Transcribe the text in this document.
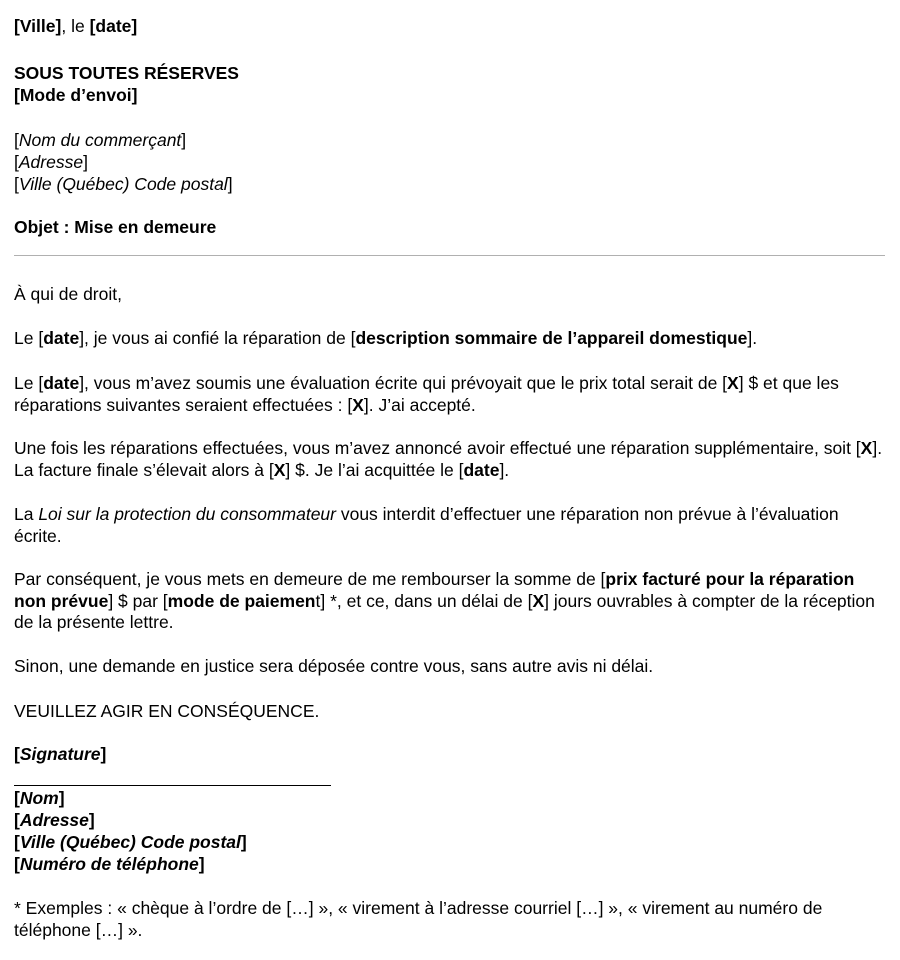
[Ville], le [date]

SOUS TOUTES RÉSERVES

[Mode d’envoi]

[Nom du commerçant]

[Adresse]

[Ville (Québec) Code postal]

Objet : Mise en demeure

À qui de droit,

Le [date], je vous ai confié la réparation de [description sommaire de l’appareil domestique].

Le [date], vous m’avez soumis une évaluation écrite qui prévoyait que le prix total serait de [X] $ et que les réparations suivantes seraient effectuées : [X]. J’ai accepté.

Une fois les réparations effectuées, vous m’avez annoncé avoir effectué une réparation supplémentaire, soit [X]. La facture finale s’élevait alors à [X] $. Je l’ai acquittée le [date].

La Loi sur la protection du consommateur vous interdit d’effectuer une réparation non prévue à l’évaluation écrite.

Par conséquent, je vous mets en demeure de me rembourser la somme de [prix facturé pour la réparation non prévue] $ par [mode de paiement] *, et ce, dans un délai de [X] jours ouvrables à compter de la réception de la présente lettre.

Sinon, une demande en justice sera déposée contre vous, sans autre avis ni délai.

VEUILLEZ AGIR EN CONSÉQUENCE.

[Signature]

[Nom]

[Adresse]

[Ville (Québec) Code postal]

[Numéro de téléphone]

* Exemples : « chèque à l’ordre de […] », « virement à l’adresse courriel […] », « virement au numéro de téléphone […] ».
